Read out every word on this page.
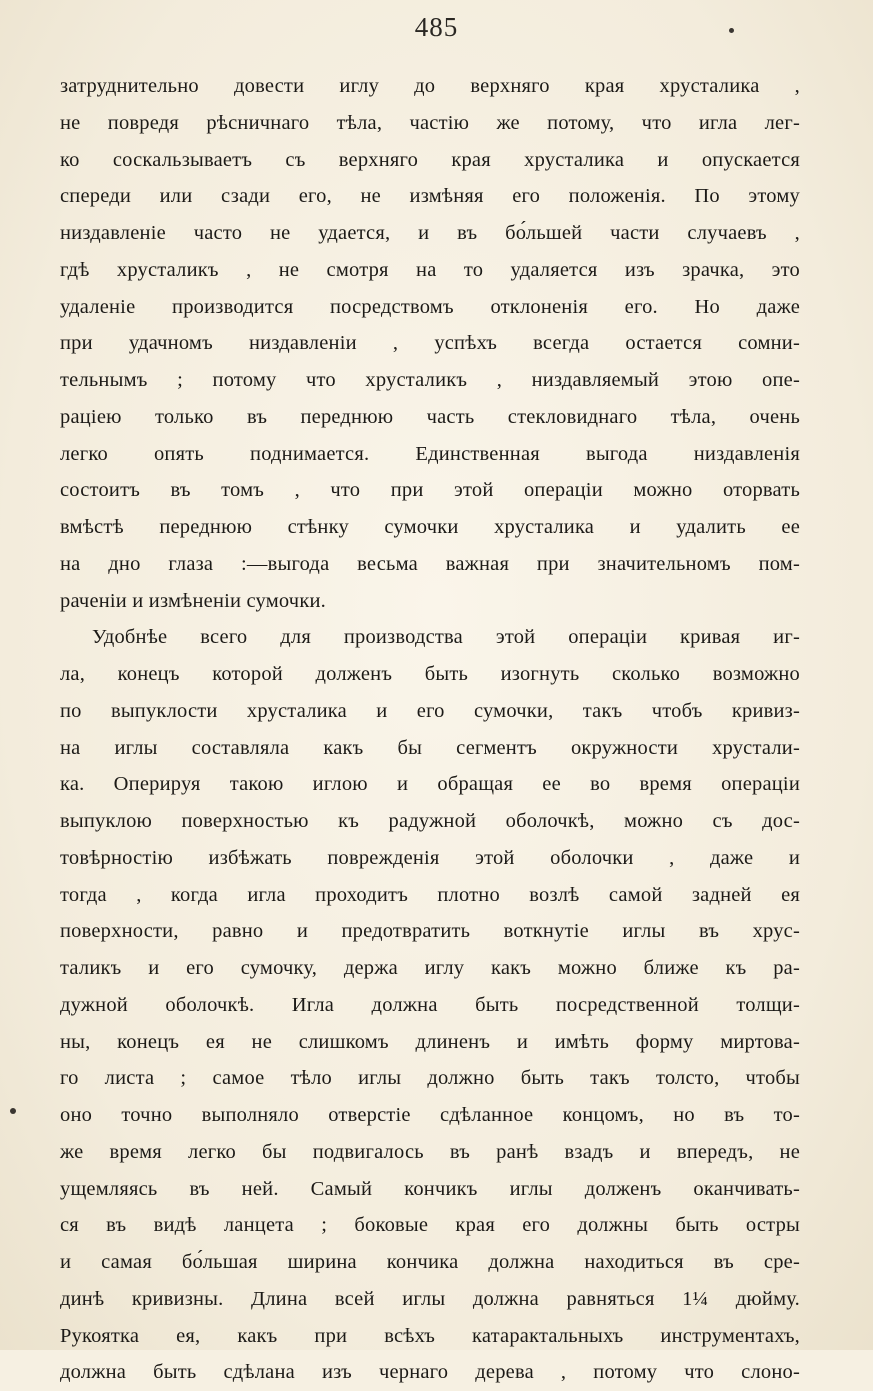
485
затруднительно довести иглу до верхняго края хрусталика ,
не повредя рѣсничнаго тѣла, частію же потому, что игла лег-
ко соскальзываетъ съ верхняго края хрусталика и опускается
спереди или сзади его, не измѣняя его положенія. По этому
низдавленіе часто не удается, и въ бо́льшей части случаевъ ,
гдѣ хрусталикъ , не смотря на то удаляется изъ зрачка, это
удаленіе производится посредствомъ отклоненія его. Но даже
при удачномъ низдавленіи , успѣхъ всегда остается сомни-
тельнымъ ; потому что хрусталикъ , низдавляемый этою опе-
раціею только въ переднюю часть стекловиднаго тѣла, очень
легко опять поднимается. Единственная выгода низдавленія
состоитъ въ томъ , что при этой операціи можно оторвать
вмѣстѣ переднюю стѣнку сумочки хрусталика и удалить ее
на дно глаза :—выгода весьма важная при значительномъ пом-
раченіи и измѣненіи сумочки.
Удобнѣе всего для производства этой операціи кривая иг-
ла, конецъ которой долженъ быть изогнуть сколько возможно
по выпуклости хрусталика и его сумочки, такъ чтобъ кривиз-
на иглы составляла какъ бы сегментъ окружности хрустали-
ка. Оперируя такою иглою и обращая ее во время операціи
выпуклою поверхностью къ радужной оболочкѣ, можно съ дос-
товѣрностію избѣжать поврежденія этой оболочки , даже и
тогда , когда игла проходитъ плотно возлѣ самой задней ея
поверхности, равно и предотвратить воткнутіе иглы въ хрус-
таликъ и его сумочку, держа иглу какъ можно ближе къ ра-
дужной оболочкѣ. Игла должна быть посредственной толщи-
ны, конецъ ея не слишкомъ длиненъ и имѣть форму миртова-
го листа ; самое тѣло иглы должно быть такъ толсто, чтобы
оно точно выполняло отверстіе сдѣланное концомъ, но въ то-
же время легко бы подвигалось въ ранѣ взадъ и впередъ, не
ущемляясь въ ней. Самый кончикъ иглы долженъ оканчивать-
ся въ видѣ ланцета ; боковые края его должны быть остры
и самая бо́льшая ширина кончика должна находиться въ сре-
динѣ кривизны. Длина всей иглы должна равняться 1¼ дюйму.
Рукоятка ея, какъ при всѣхъ катарактальныхъ инструментахъ,
должна быть сдѣлана изъ чернаго дерева , потому что слоно-
